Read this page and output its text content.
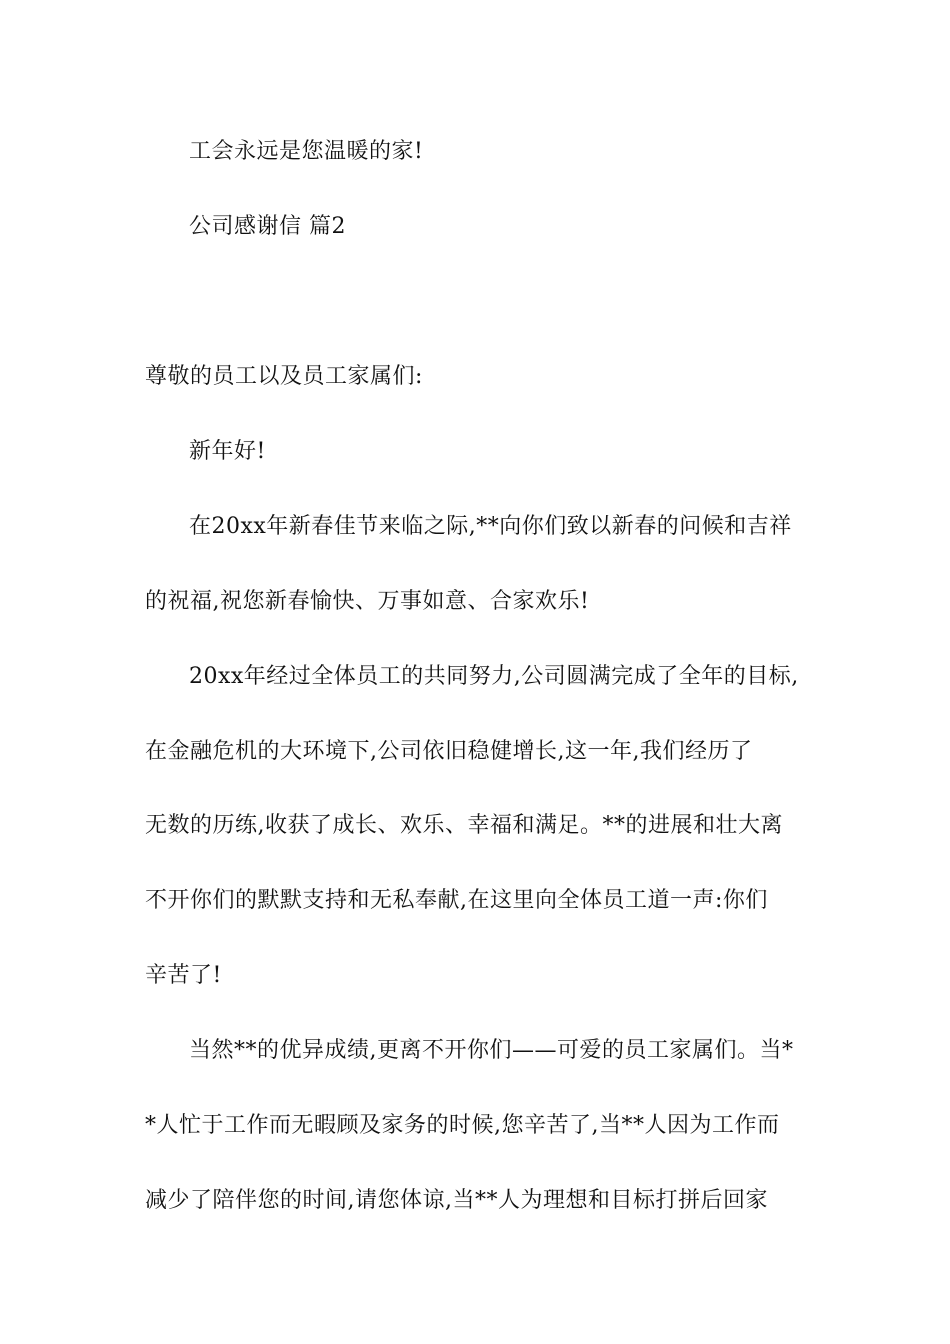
工会永远是您温暖的家!
公司感谢信 篇2
尊敬的员工以及员工家属们:
新年好!
在20xx年新春佳节来临之际,**向你们致以新春的问候和吉祥
的祝福,祝您新春愉快、万事如意、合家欢乐!
20xx年经过全体员工的共同努力,公司圆满完成了全年的目标,
在金融危机的大环境下,公司依旧稳健增长,这一年,我们经历了
无数的历练,收获了成长、欢乐、幸福和满足。**的进展和壮大离
不开你们的默默支持和无私奉献,在这里向全体员工道一声:你们
辛苦了!
当然**的优异成绩,更离不开你们——可爱的员工家属们。当*
*人忙于工作而无暇顾及家务的时候,您辛苦了,当**人因为工作而
减少了陪伴您的时间,请您体谅,当**人为理想和目标打拼后回家
